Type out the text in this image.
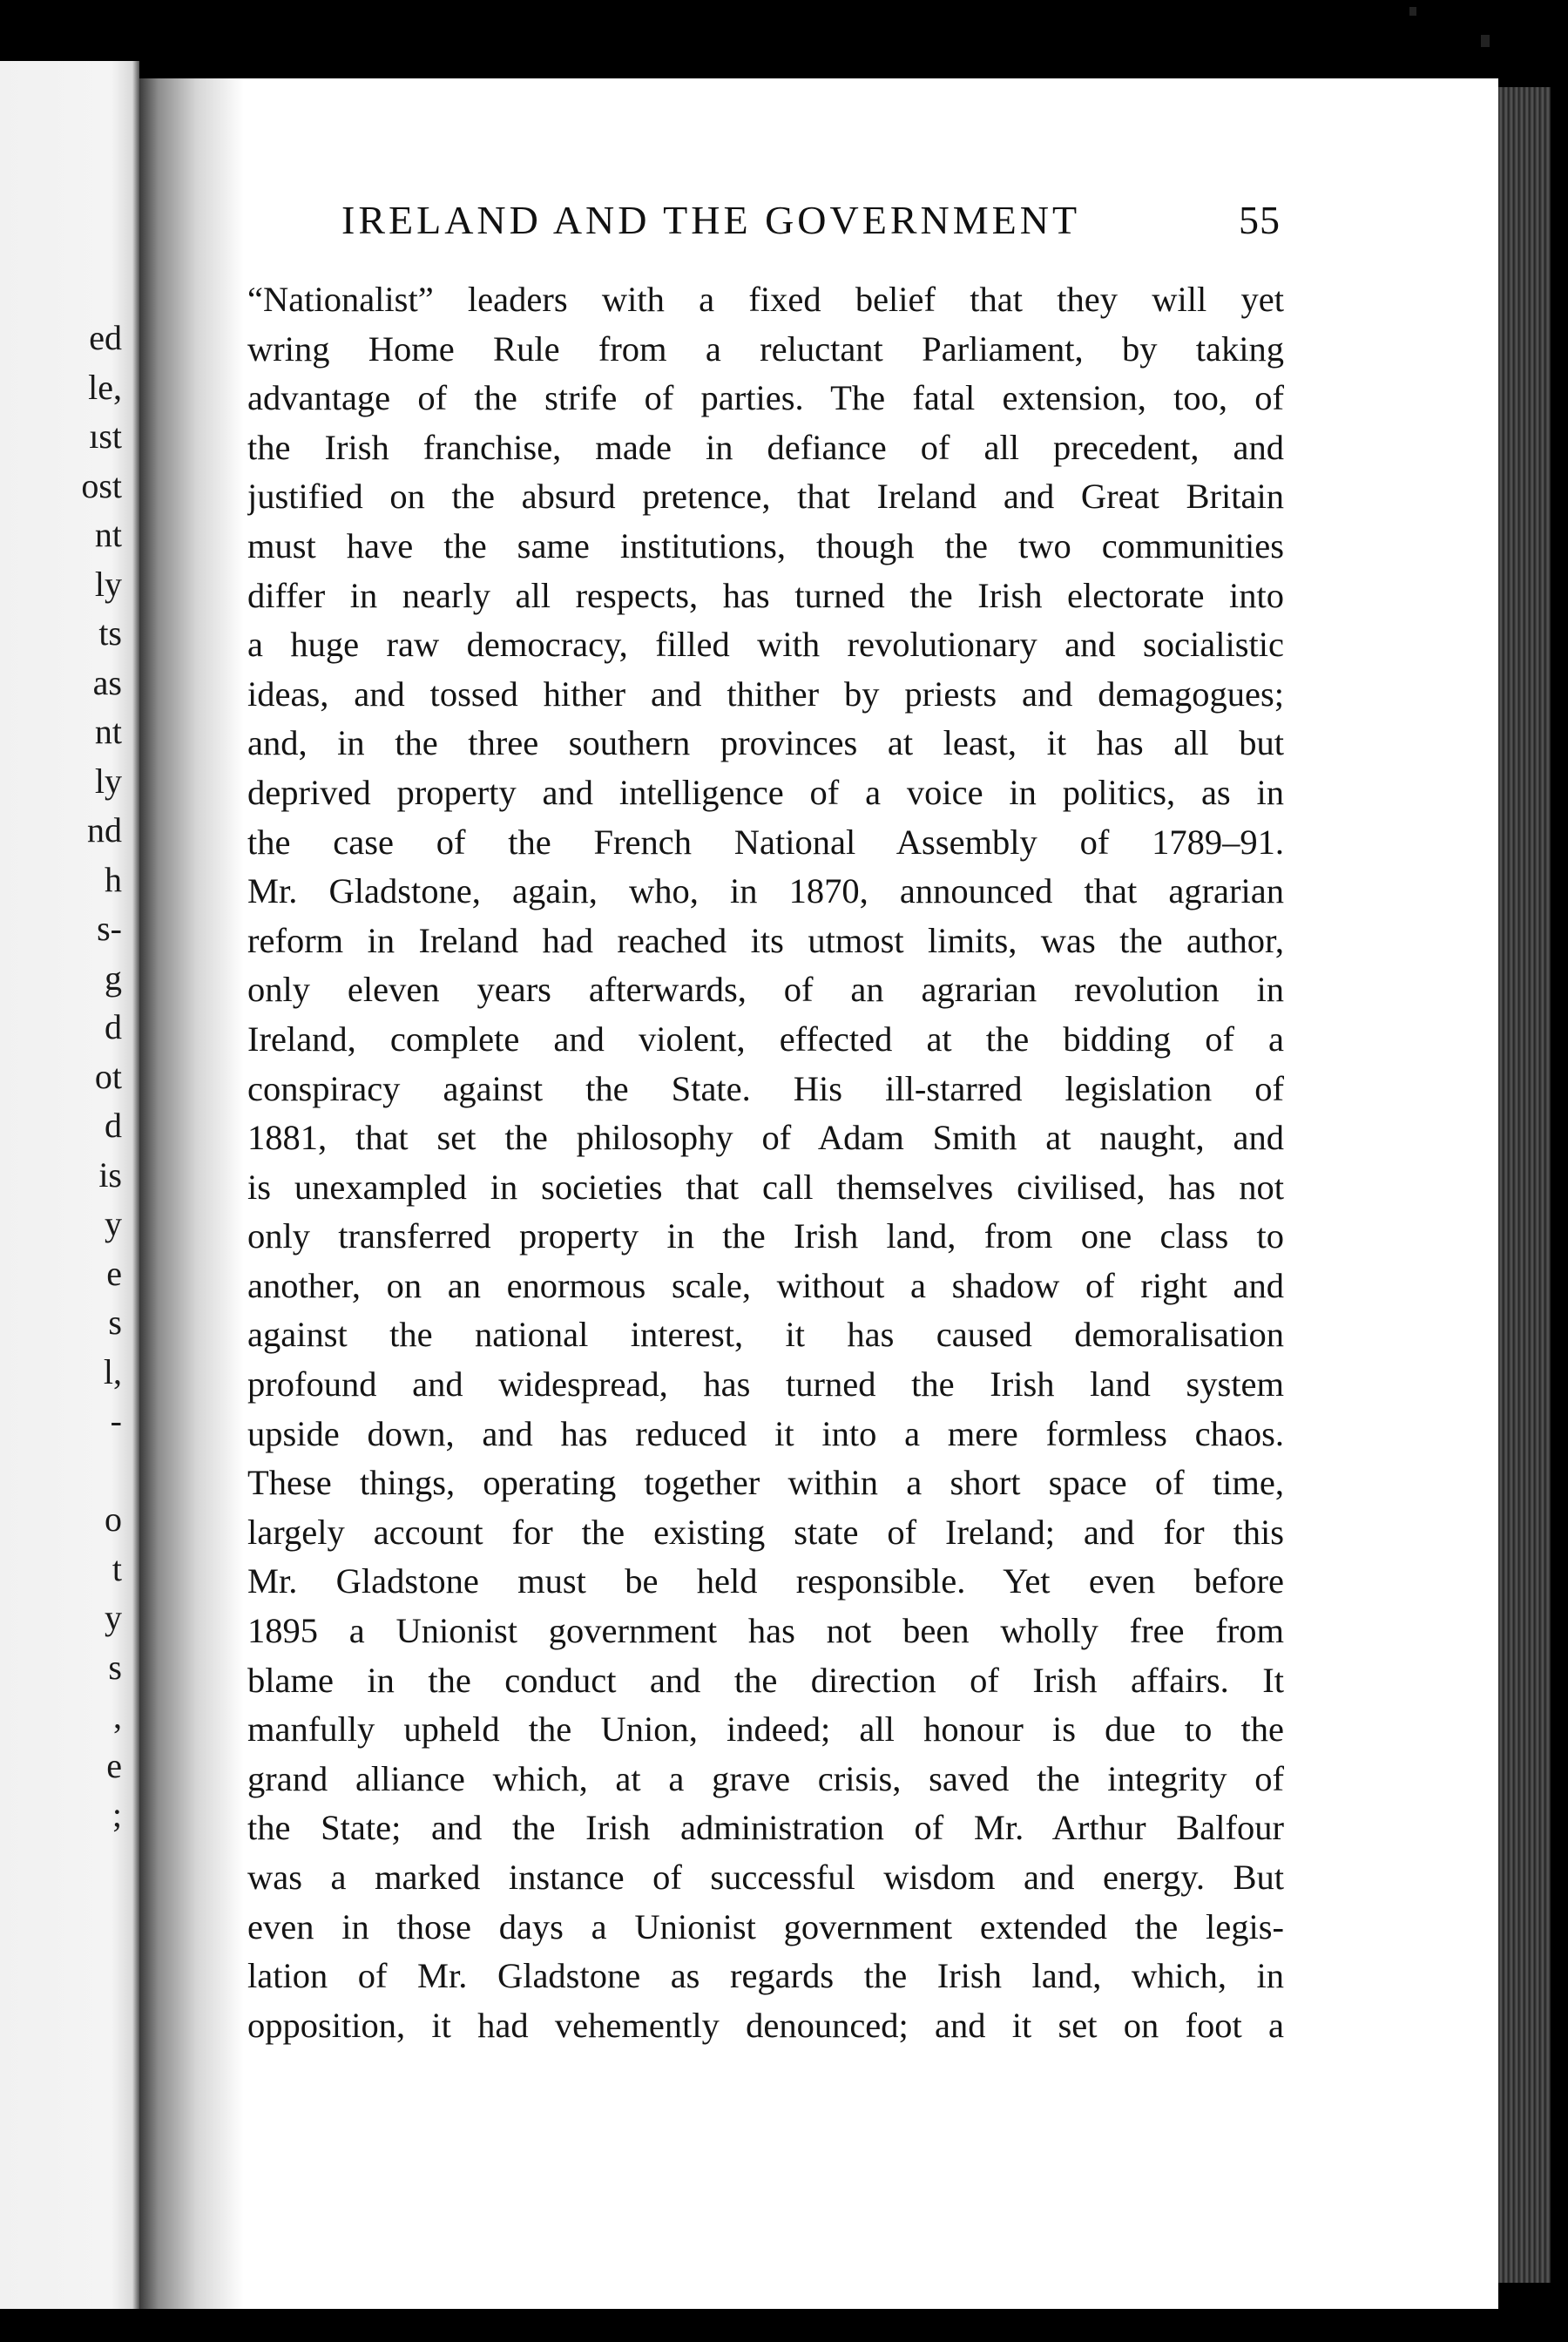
ed
le,
ıst
ost
nt
ly
ts
as
nt
ly
nd
h
s-
g
d
ot
d
is
y
e
s
l,
-
o
t
y
s
,
e
;
IRELAND AND THE GOVERNMENT	55
“Nationalist” leaders with a fixed belief that they will yet
wring Home Rule from a reluctant Parliament, by taking
advantage of the strife of parties. The fatal extension, too, of
the Irish franchise, made in defiance of all precedent, and
justified on the absurd pretence, that Ireland and Great Britain
must have the same institutions, though the two communities
differ in nearly all respects, has turned the Irish electorate into
a huge raw democracy, filled with revolutionary and socialistic
ideas, and tossed hither and thither by priests and demagogues;
and, in the three southern provinces at least, it has all but
deprived property and intelligence of a voice in politics, as in
the case of the French National Assembly of 1789–91.
Mr. Gladstone, again, who, in 1870, announced that agrarian
reform in Ireland had reached its utmost limits, was the author,
only eleven years afterwards, of an agrarian revolution in
Ireland, complete and violent, effected at the bidding of a
conspiracy against the State. His ill-starred legislation of
1881, that set the philosophy of Adam Smith at naught, and
is unexampled in societies that call themselves civilised, has not
only transferred property in the Irish land, from one class to
another, on an enormous scale, without a shadow of right and
against the national interest, it has caused demoralisation
profound and widespread, has turned the Irish land system
upside down, and has reduced it into a mere formless chaos.
These things, operating together within a short space of time,
largely account for the existing state of Ireland; and for this
Mr. Gladstone must be held responsible. Yet even before
1895 a Unionist government has not been wholly free from
blame in the conduct and the direction of Irish affairs. It
manfully upheld the Union, indeed; all honour is due to the
grand alliance which, at a grave crisis, saved the integrity of
the State; and the Irish administration of Mr. Arthur Balfour
was a marked instance of successful wisdom and energy. But
even in those days a Unionist government extended the legis-
lation of Mr. Gladstone as regards the Irish land, which, in
opposition, it had vehemently denounced; and it set on foot a
